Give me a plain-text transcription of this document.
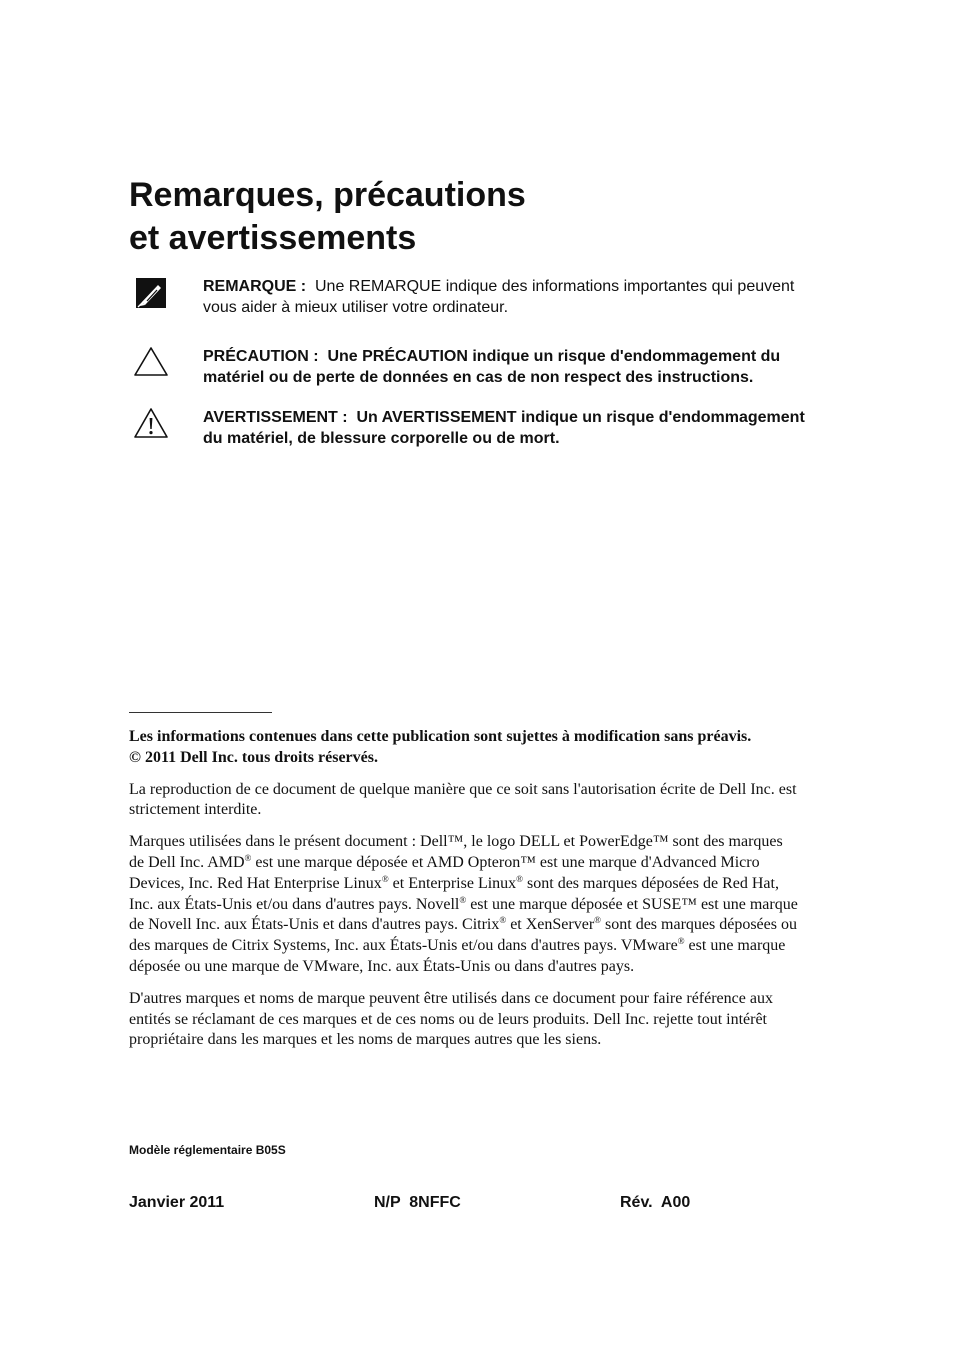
Remarques, précautions
et avertissements
REMARQUE : Une REMARQUE indique des informations importantes qui peuvent vous aider à mieux utiliser votre ordinateur.
PRÉCAUTION : Une PRÉCAUTION indique un risque d'endommagement du matériel ou de perte de données en cas de non respect des instructions.
AVERTISSEMENT : Un AVERTISSEMENT indique un risque d'endommagement du matériel, de blessure corporelle ou de mort.

Les informations contenues dans cette publication sont sujettes à modification sans préavis.
© 2011 Dell Inc. tous droits réservés.

La reproduction de ce document de quelque manière que ce soit sans l'autorisation écrite de Dell Inc. est strictement interdite.

Marques utilisées dans le présent document : Dell™, le logo DELL et PowerEdge™ sont des marques de Dell Inc. AMD® est une marque déposée et AMD Opteron™ est une marque d'Advanced Micro Devices, Inc. Red Hat Enterprise Linux® et Enterprise Linux® sont des marques déposées de Red Hat, Inc. aux États-Unis et/ou dans d'autres pays. Novell® est une marque déposée et SUSE™ est une marque de Novell Inc. aux États-Unis et dans d'autres pays. Citrix® et XenServer® sont des marques déposées ou des marques de Citrix Systems, Inc. aux États-Unis et/ou dans d'autres pays. VMware® est une marque déposée ou une marque de VMware, Inc. aux États-Unis ou dans d'autres pays.

D'autres marques et noms de marque peuvent être utilisés dans ce document pour faire référence aux entités se réclamant de ces marques et de ces noms ou de leurs produits. Dell Inc. rejette tout intérêt propriétaire dans les marques et les noms de marques autres que les siens.

Modèle réglementaire B05S
Janvier 2011	N/P  8NFFC	Rév.  A00
